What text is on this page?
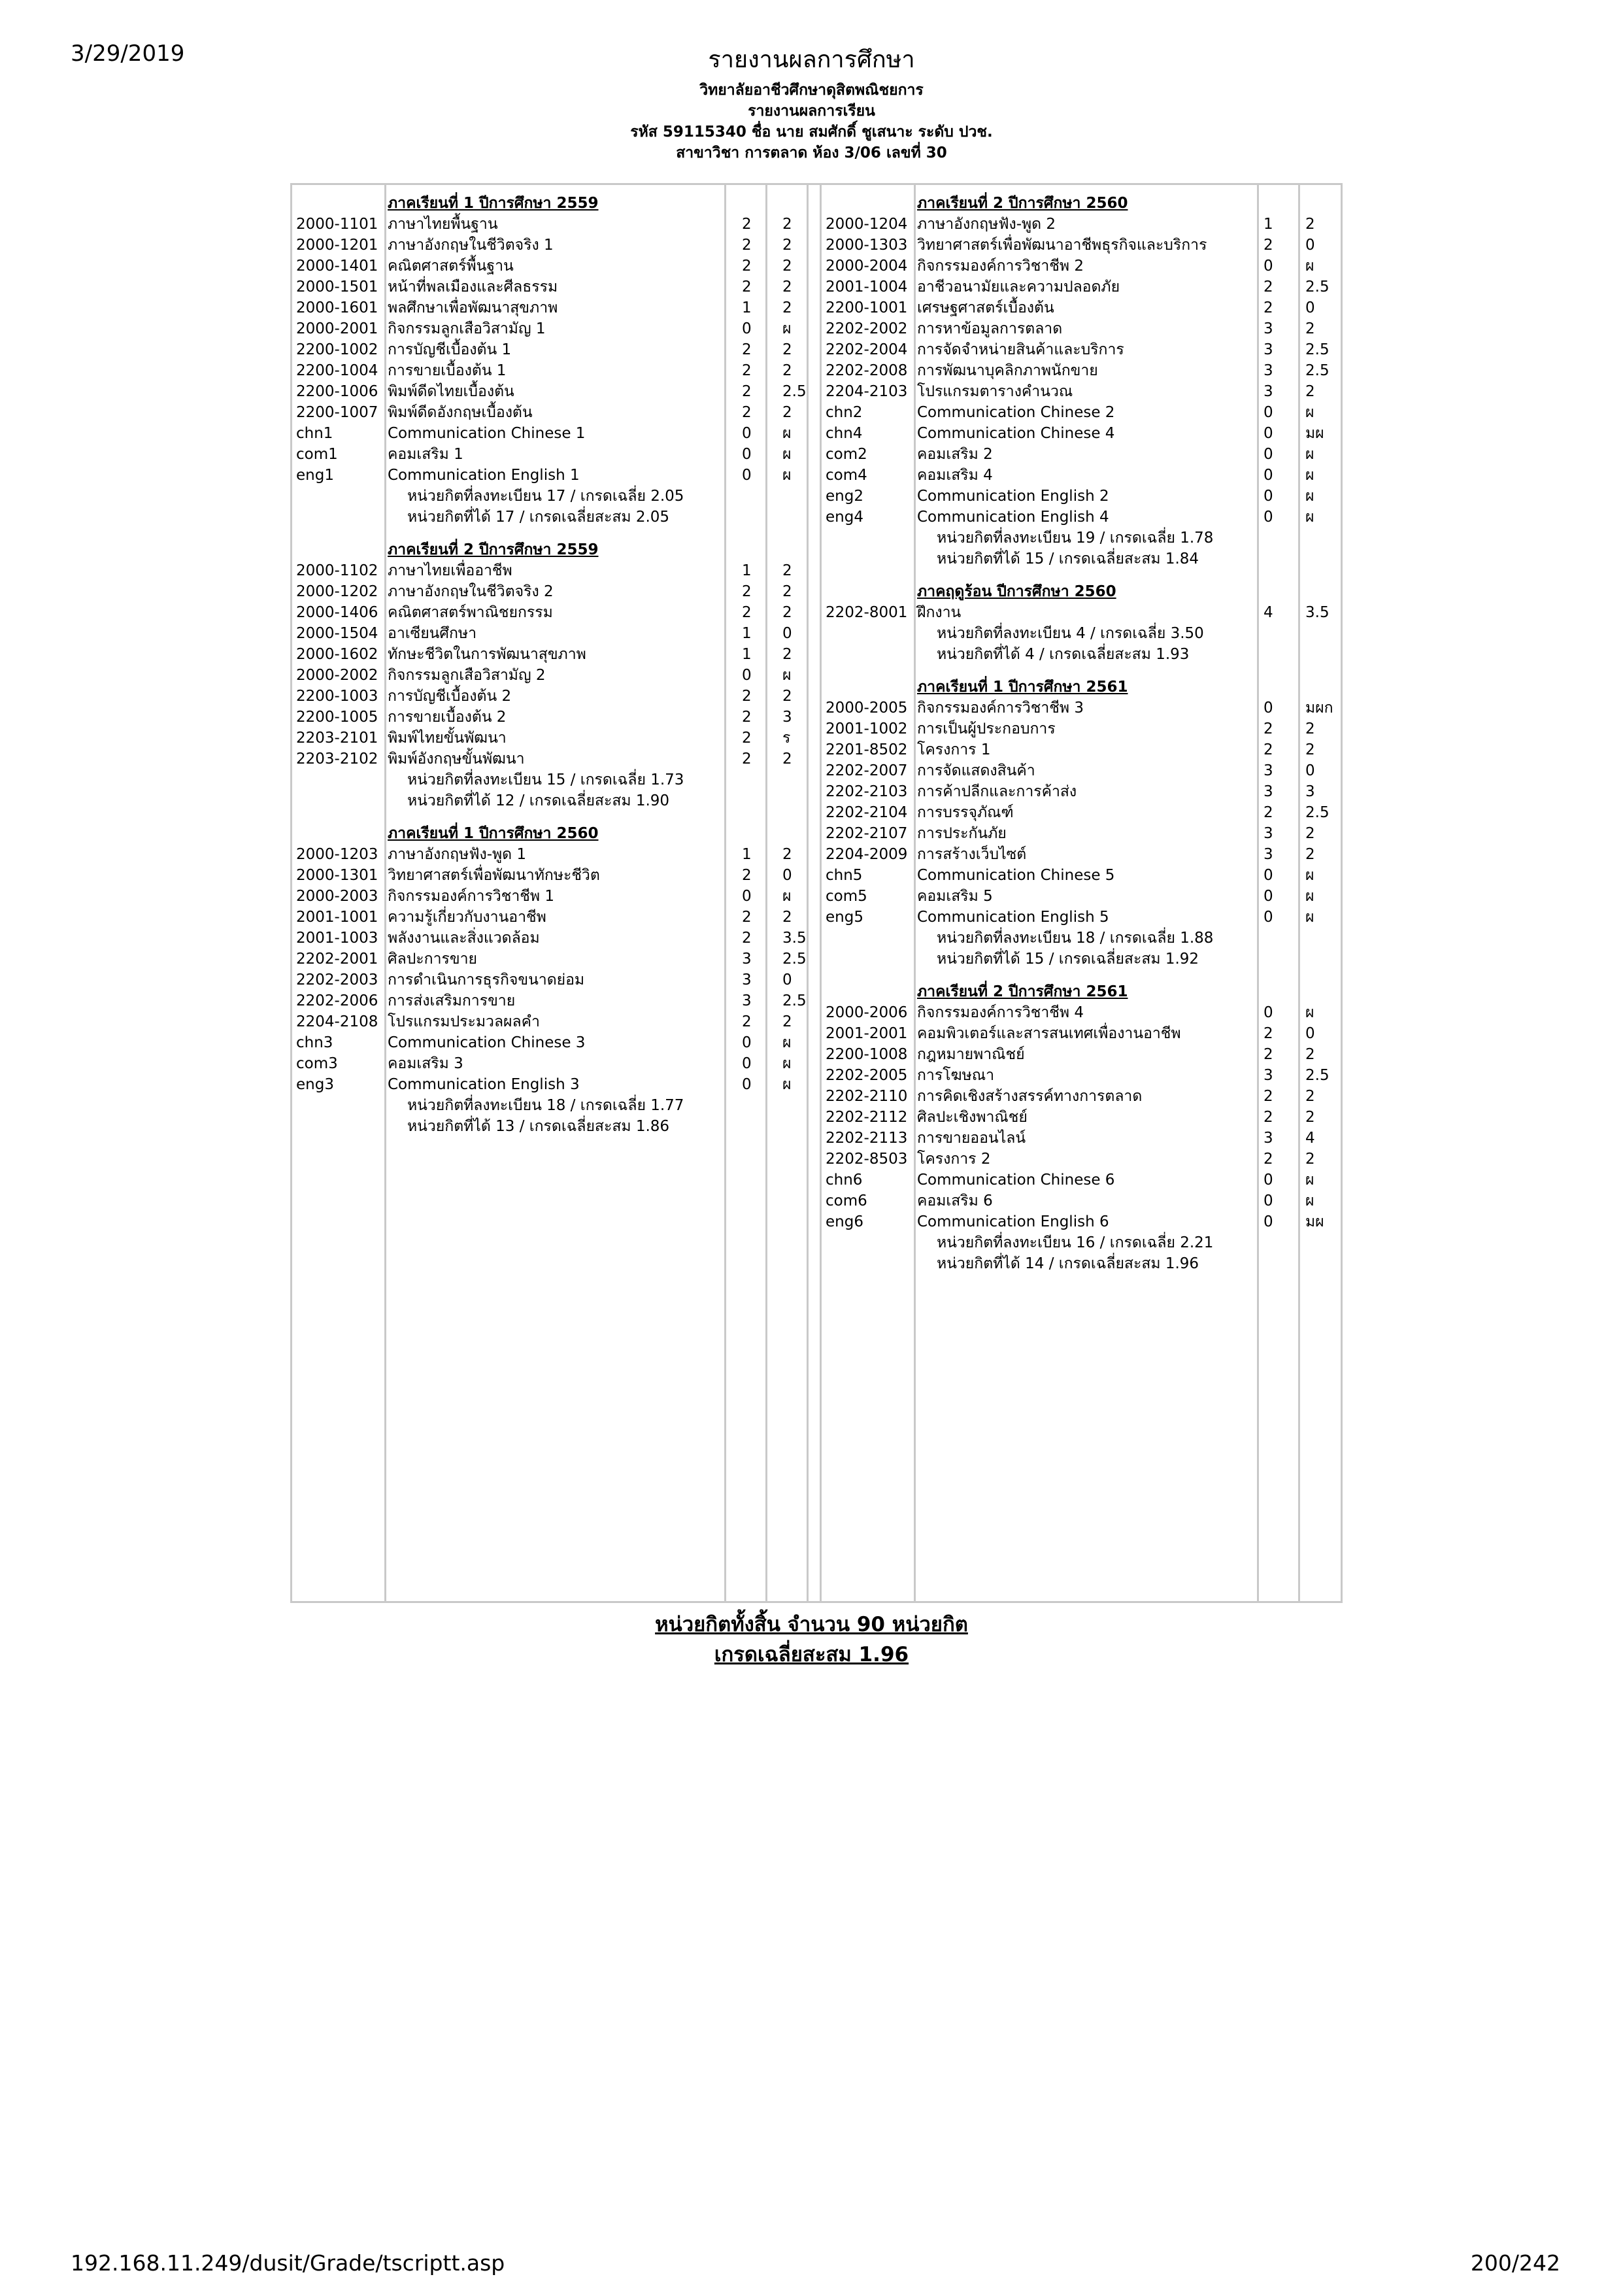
3/29/2019	รายงานผลการศึกษา
วิทยาลัยอาชีวศึกษาดุสิตพณิชยการ
รายงานผลการเรียน
รหัส 59115340 ชื่อ นาย สมศักดิ์ ชูเสนาะ ระดับ ปวช.
สาขาวิชา การตลาด ห้อง 3/06 เลขที่ 30
ภาคเรียนที่ 1 ปีการศึกษา 2559
2000-1101 ภาษาไทยพื้นฐาน	2 2
2000-1201 ภาษาอังกฤษในชีวิตจริง 1	2 2
2000-1401 คณิตศาสตร์พื้นฐาน	2 2
2000-1501 หน้าที่พลเมืองและศีลธรรม	2 2
2000-1601 พลศึกษาเพื่อพัฒนาสุขภาพ	1 2
2000-2001 กิจกรรมลูกเสือวิสามัญ 1	0 ผ
2200-1002 การบัญชีเบื้องต้น 1	2 2
2200-1004 การขายเบื้องต้น 1	2 2
2200-1006 พิมพ์ดีดไทยเบื้องต้น	2 2.5
2200-1007 พิมพ์ดีดอังกฤษเบื้องต้น	2 2
chn1	Communication Chinese 1	0 ผ
com1	คอมเสริม 1	0 ผ
eng1	Communication English 1	0 ผ
หน่วยกิตที่ลงทะเบียน 17 / เกรดเฉลี่ย 2.05
หน่วยกิตที่ได้ 17 / เกรดเฉลี่ยสะสม 2.05
ภาคเรียนที่ 2 ปีการศึกษา 2559
2000-1102 ภาษาไทยเพื่ออาชีพ	1 2
2000-1202 ภาษาอังกฤษในชีวิตจริง 2	2 2
2000-1406 คณิตศาสตร์พาณิชยกรรม	2 2
2000-1504 อาเซียนศึกษา	1 0
2000-1602 ทักษะชีวิตในการพัฒนาสุขภาพ	1 2
2000-2002 กิจกรรมลูกเสือวิสามัญ 2	0 ผ
2200-1003 การบัญชีเบื้องต้น 2	2 2
2200-1005 การขายเบื้องต้น 2	2 3
2203-2101 พิมพ์ไทยขั้นพัฒนา	2 ร
2203-2102 พิมพ์อังกฤษขั้นพัฒนา	2 2
หน่วยกิตที่ลงทะเบียน 15 / เกรดเฉลี่ย 1.73
หน่วยกิตที่ได้ 12 / เกรดเฉลี่ยสะสม 1.90
ภาคเรียนที่ 1 ปีการศึกษา 2560
2000-1203 ภาษาอังกฤษฟัง-พูด 1	1 2
2000-1301 วิทยาศาสตร์เพื่อพัฒนาทักษะชีวิต	2 0
2000-2003 กิจกรรมองค์การวิชาชีพ 1	0 ผ
2001-1001 ความรู้เกี่ยวกับงานอาชีพ	2 2
2001-1003 พลังงานและสิ่งแวดล้อม	2 3.5
2202-2001 ศิลปะการขาย	3 2.5
2202-2003 การดำเนินการธุรกิจขนาดย่อม	3 0
2202-2006 การส่งเสริมการขาย	3 2.5
2204-2108 โปรแกรมประมวลผลคำ	2 2
chn3	Communication Chinese 3	0 ผ
com3	คอมเสริม 3	0 ผ
eng3	Communication English 3	0 ผ
หน่วยกิตที่ลงทะเบียน 18 / เกรดเฉลี่ย 1.77
หน่วยกิตที่ได้ 13 / เกรดเฉลี่ยสะสม 1.86
ภาคเรียนที่ 2 ปีการศึกษา 2560
2000-1204 ภาษาอังกฤษฟัง-พูด 2	1 2
2000-1303 วิทยาศาสตร์เพื่อพัฒนาอาชีพธุรกิจและบริการ	2 0
2000-2004 กิจกรรมองค์การวิชาชีพ 2	0 ผ
2001-1004 อาชีวอนามัยและความปลอดภัย	2 2.5
2200-1001 เศรษฐศาสตร์เบื้องต้น	2 0
2202-2002 การหาข้อมูลการตลาด	3 2
2202-2004 การจัดจำหน่ายสินค้าและบริการ	3 2.5
2202-2008 การพัฒนาบุคลิกภาพนักขาย	3 2.5
2204-2103 โปรแกรมตารางคำนวณ	3 2
chn2	Communication Chinese 2	0 ผ
chn4	Communication Chinese 4	0 มผ
com2	คอมเสริม 2	0 ผ
com4	คอมเสริม 4	0 ผ
eng2	Communication English 2	0 ผ
eng4	Communication English 4	0 ผ
หน่วยกิตที่ลงทะเบียน 19 / เกรดเฉลี่ย 1.78
หน่วยกิตที่ได้ 15 / เกรดเฉลี่ยสะสม 1.84
ภาคฤดูร้อน ปีการศึกษา 2560
2202-8001 ฝึกงาน	4 3.5
หน่วยกิตที่ลงทะเบียน 4 / เกรดเฉลี่ย 3.50
หน่วยกิตที่ได้ 4 / เกรดเฉลี่ยสะสม 1.93
ภาคเรียนที่ 1 ปีการศึกษา 2561
2000-2005 กิจกรรมองค์การวิชาชีพ 3	0 มผก
2001-1002 การเป็นผู้ประกอบการ	2 2
2201-8502 โครงการ 1	2 2
2202-2007 การจัดแสดงสินค้า	3 0
2202-2103 การค้าปลีกและการค้าส่ง	3 3
2202-2104 การบรรจุภัณฑ์	2 2.5
2202-2107 การประกันภัย	3 2
2204-2009 การสร้างเว็บไซต์	3 2
chn5	Communication Chinese 5	0 ผ
com5	คอมเสริม 5	0 ผ
eng5	Communication English 5	0 ผ
หน่วยกิตที่ลงทะเบียน 18 / เกรดเฉลี่ย 1.88
หน่วยกิตที่ได้ 15 / เกรดเฉลี่ยสะสม 1.92
ภาคเรียนที่ 2 ปีการศึกษา 2561
2000-2006 กิจกรรมองค์การวิชาชีพ 4	0 ผ
2001-2001 คอมพิวเตอร์และสารสนเทศเพื่องานอาชีพ	2 0
2200-1008 กฎหมายพาณิชย์	2 2
2202-2005 การโฆษณา	3 2.5
2202-2110 การคิดเชิงสร้างสรรค์ทางการตลาด	2 2
2202-2112 ศิลปะเชิงพาณิชย์	2 2
2202-2113 การขายออนไลน์	3 4
2202-8503 โครงการ 2	2 2
chn6	Communication Chinese 6	0 ผ
com6	คอมเสริม 6	0 ผ
eng6	Communication English 6	0 มผ
หน่วยกิตที่ลงทะเบียน 16 / เกรดเฉลี่ย 2.21
หน่วยกิตที่ได้ 14 / เกรดเฉลี่ยสะสม 1.96
หน่วยกิตทั้งสิ้น จำนวน 90 หน่วยกิต
เกรดเฉลี่ยสะสม 1.96
192.168.11.249/dusit/Grade/tscriptt.asp	200/242
